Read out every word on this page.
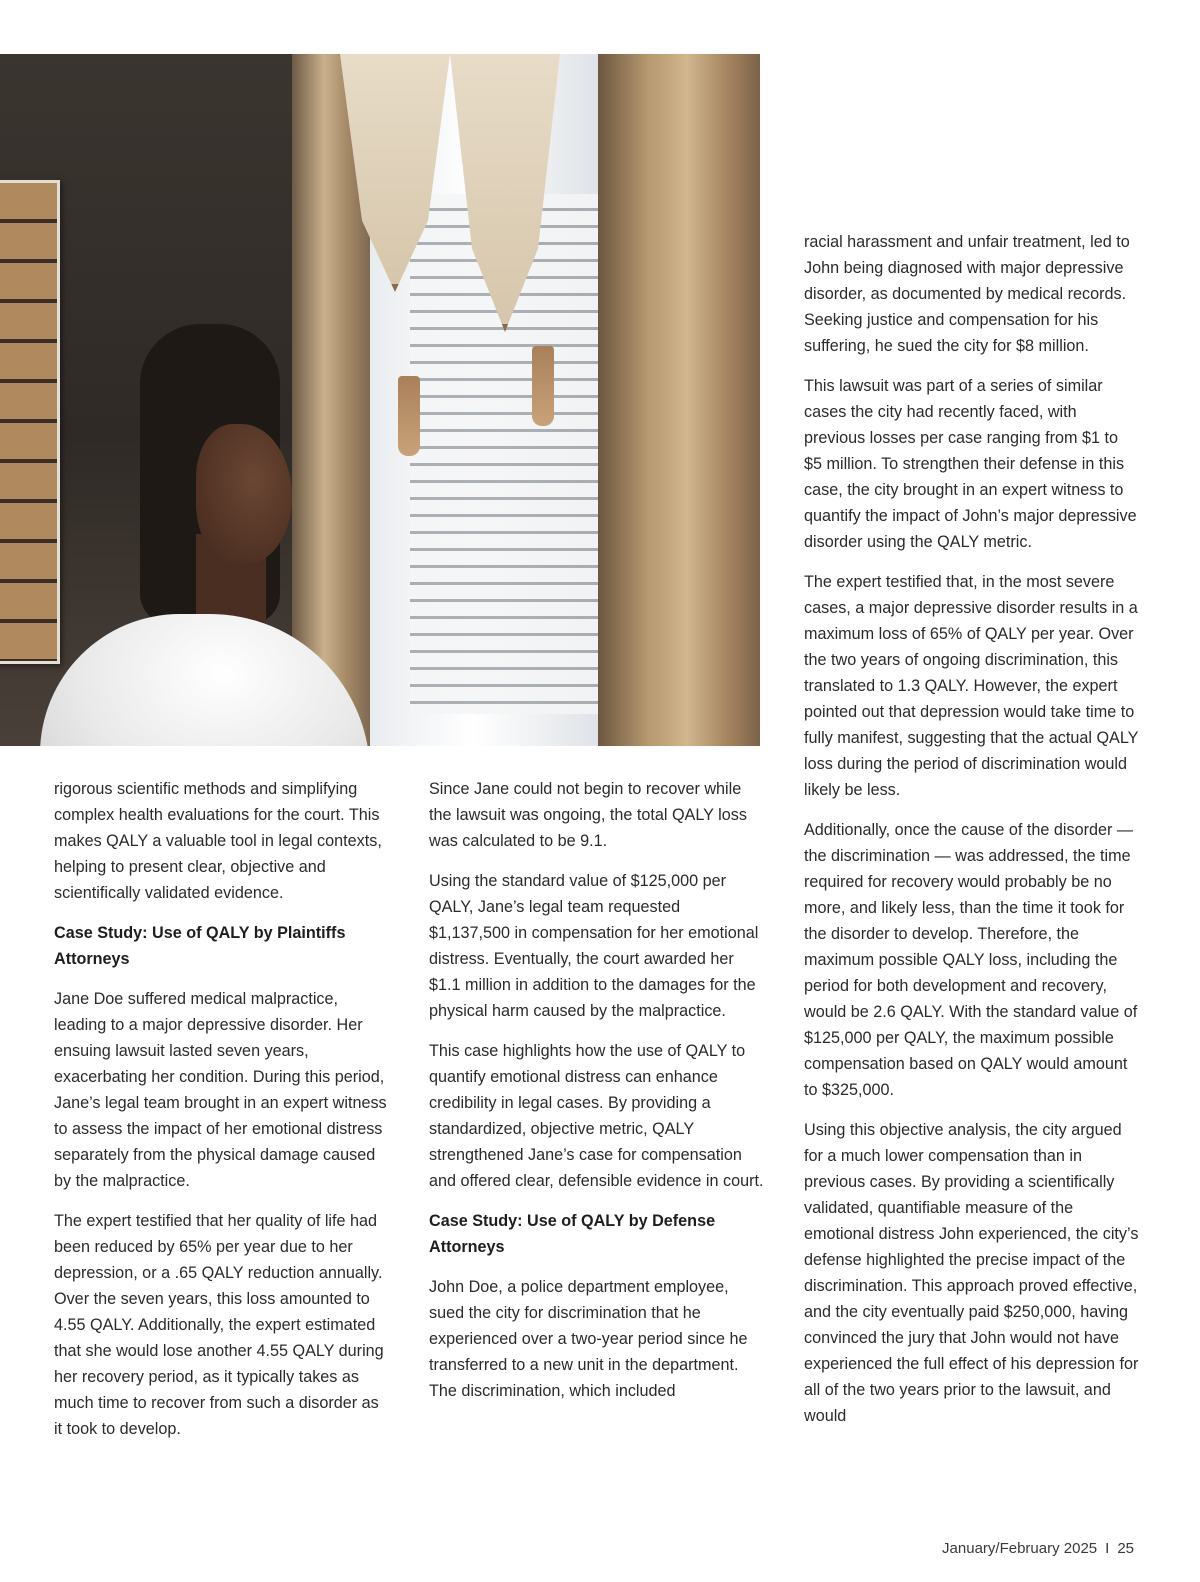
rigorous scientific methods and simplifying complex health evaluations for the court. This makes QALY a valuable tool in legal contexts, helping to present clear, objective and scientifically validated evidence.

Case Study: Use of QALY by Plaintiffs Attorneys

Jane Doe suffered medical malpractice, leading to a major depressive disorder. Her ensuing lawsuit lasted seven years, exacerbating her condition. During this period, Jane’s legal team brought in an expert witness to assess the impact of her emotional distress separately from the physical damage caused by the malpractice.

The expert testified that her quality of life had been reduced by 65% per year due to her depression, or a .65 QALY reduction annually. Over the seven years, this loss amounted to 4.55 QALY. Additionally, the expert estimated that she would lose another 4.55 QALY during her recovery period, as it typically takes as much time to recover from such a disorder as it took to develop.

Since Jane could not begin to recover while the lawsuit was ongoing, the total QALY loss was calculated to be 9.1.

Using the standard value of $125,000 per QALY, Jane’s legal team requested $1,137,500 in compensation for her emotional distress. Eventually, the court awarded her $1.1 million in addition to the damages for the physical harm caused by the malpractice.

This case highlights how the use of QALY to quantify emotional distress can enhance credibility in legal cases. By providing a standardized, objective metric, QALY strengthened Jane’s case for compensation and offered clear, defensible evidence in court.

Case Study: Use of QALY by Defense Attorneys

John Doe, a police department employee, sued the city for discrimination that he experienced over a two-year period since he transferred to a new unit in the department. The discrimination, which included

racial harassment and unfair treatment, led to John being diagnosed with major depressive disorder, as documented by medical records. Seeking justice and compensation for his suffering, he sued the city for $8 million.

This lawsuit was part of a series of similar cases the city had recently faced, with previous losses per case ranging from $1 to $5 million. To strengthen their defense in this case, the city brought in an expert witness to quantify the impact of John’s major depressive disorder using the QALY metric.

The expert testified that, in the most severe cases, a major depressive disorder results in a maximum loss of 65% of QALY per year. Over the two years of ongoing discrimination, this translated to 1.3 QALY. However, the expert pointed out that depression would take time to fully manifest, suggesting that the actual QALY loss during the period of discrimination would likely be less.

Additionally, once the cause of the disorder — the discrimination — was addressed, the time required for recovery would probably be no more, and likely less, than the time it took for the disorder to develop. Therefore, the maximum possible QALY loss, including the period for both development and recovery, would be 2.6 QALY. With the standard value of $125,000 per QALY, the maximum possible compensation based on QALY would amount to $325,000.

Using this objective analysis, the city argued for a much lower compensation than in previous cases. By providing a scientifically validated, quantifiable measure of the emotional distress John experienced, the city’s defense highlighted the precise impact of the discrimination. This approach proved effective, and the city eventually paid $250,000, having convinced the jury that John would not have experienced the full effect of his depression for all of the two years prior to the lawsuit, and would

January/February 2025 I 25
